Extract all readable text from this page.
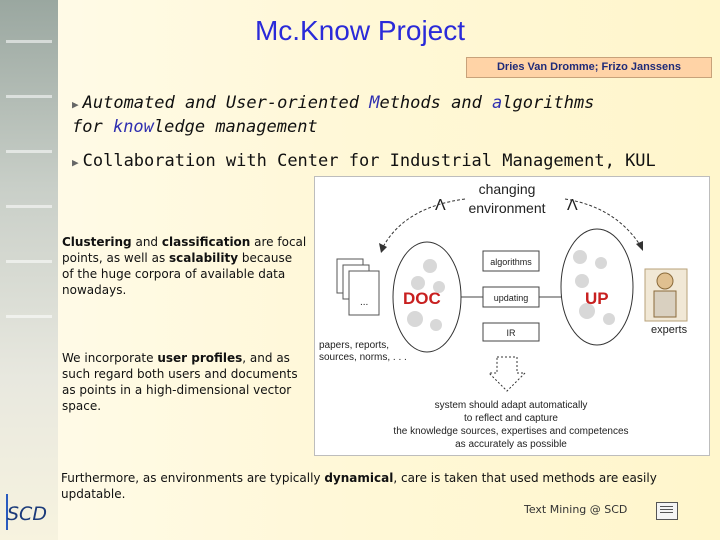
SCD
Mc.Know Project
Dries Van Dromme; Frizo Janssens
▶ Automated and User-oriented Methods and algorithms
for knowledge management
▶ Collaboration with Center for Industrial Management, KUL
changing
environment
Λ	Λ
... DOC	UP
algorithms
updating
IR	experts
papers, reports,
sources, norms, . . .
system should adapt automatically
to reflect and capture
the knowledge sources, expertises and competences
as accurately as possible
Clustering and classification are focal points, as well as scalability because of the huge corpora of available data nowadays.
We incorporate user profiles, and as such regard both users and documents as points in a high-dimensional vector space.
Furthermore, as environments are typically dynamical, care is taken that used methods are easily updatable.
Text Mining @ SCD
